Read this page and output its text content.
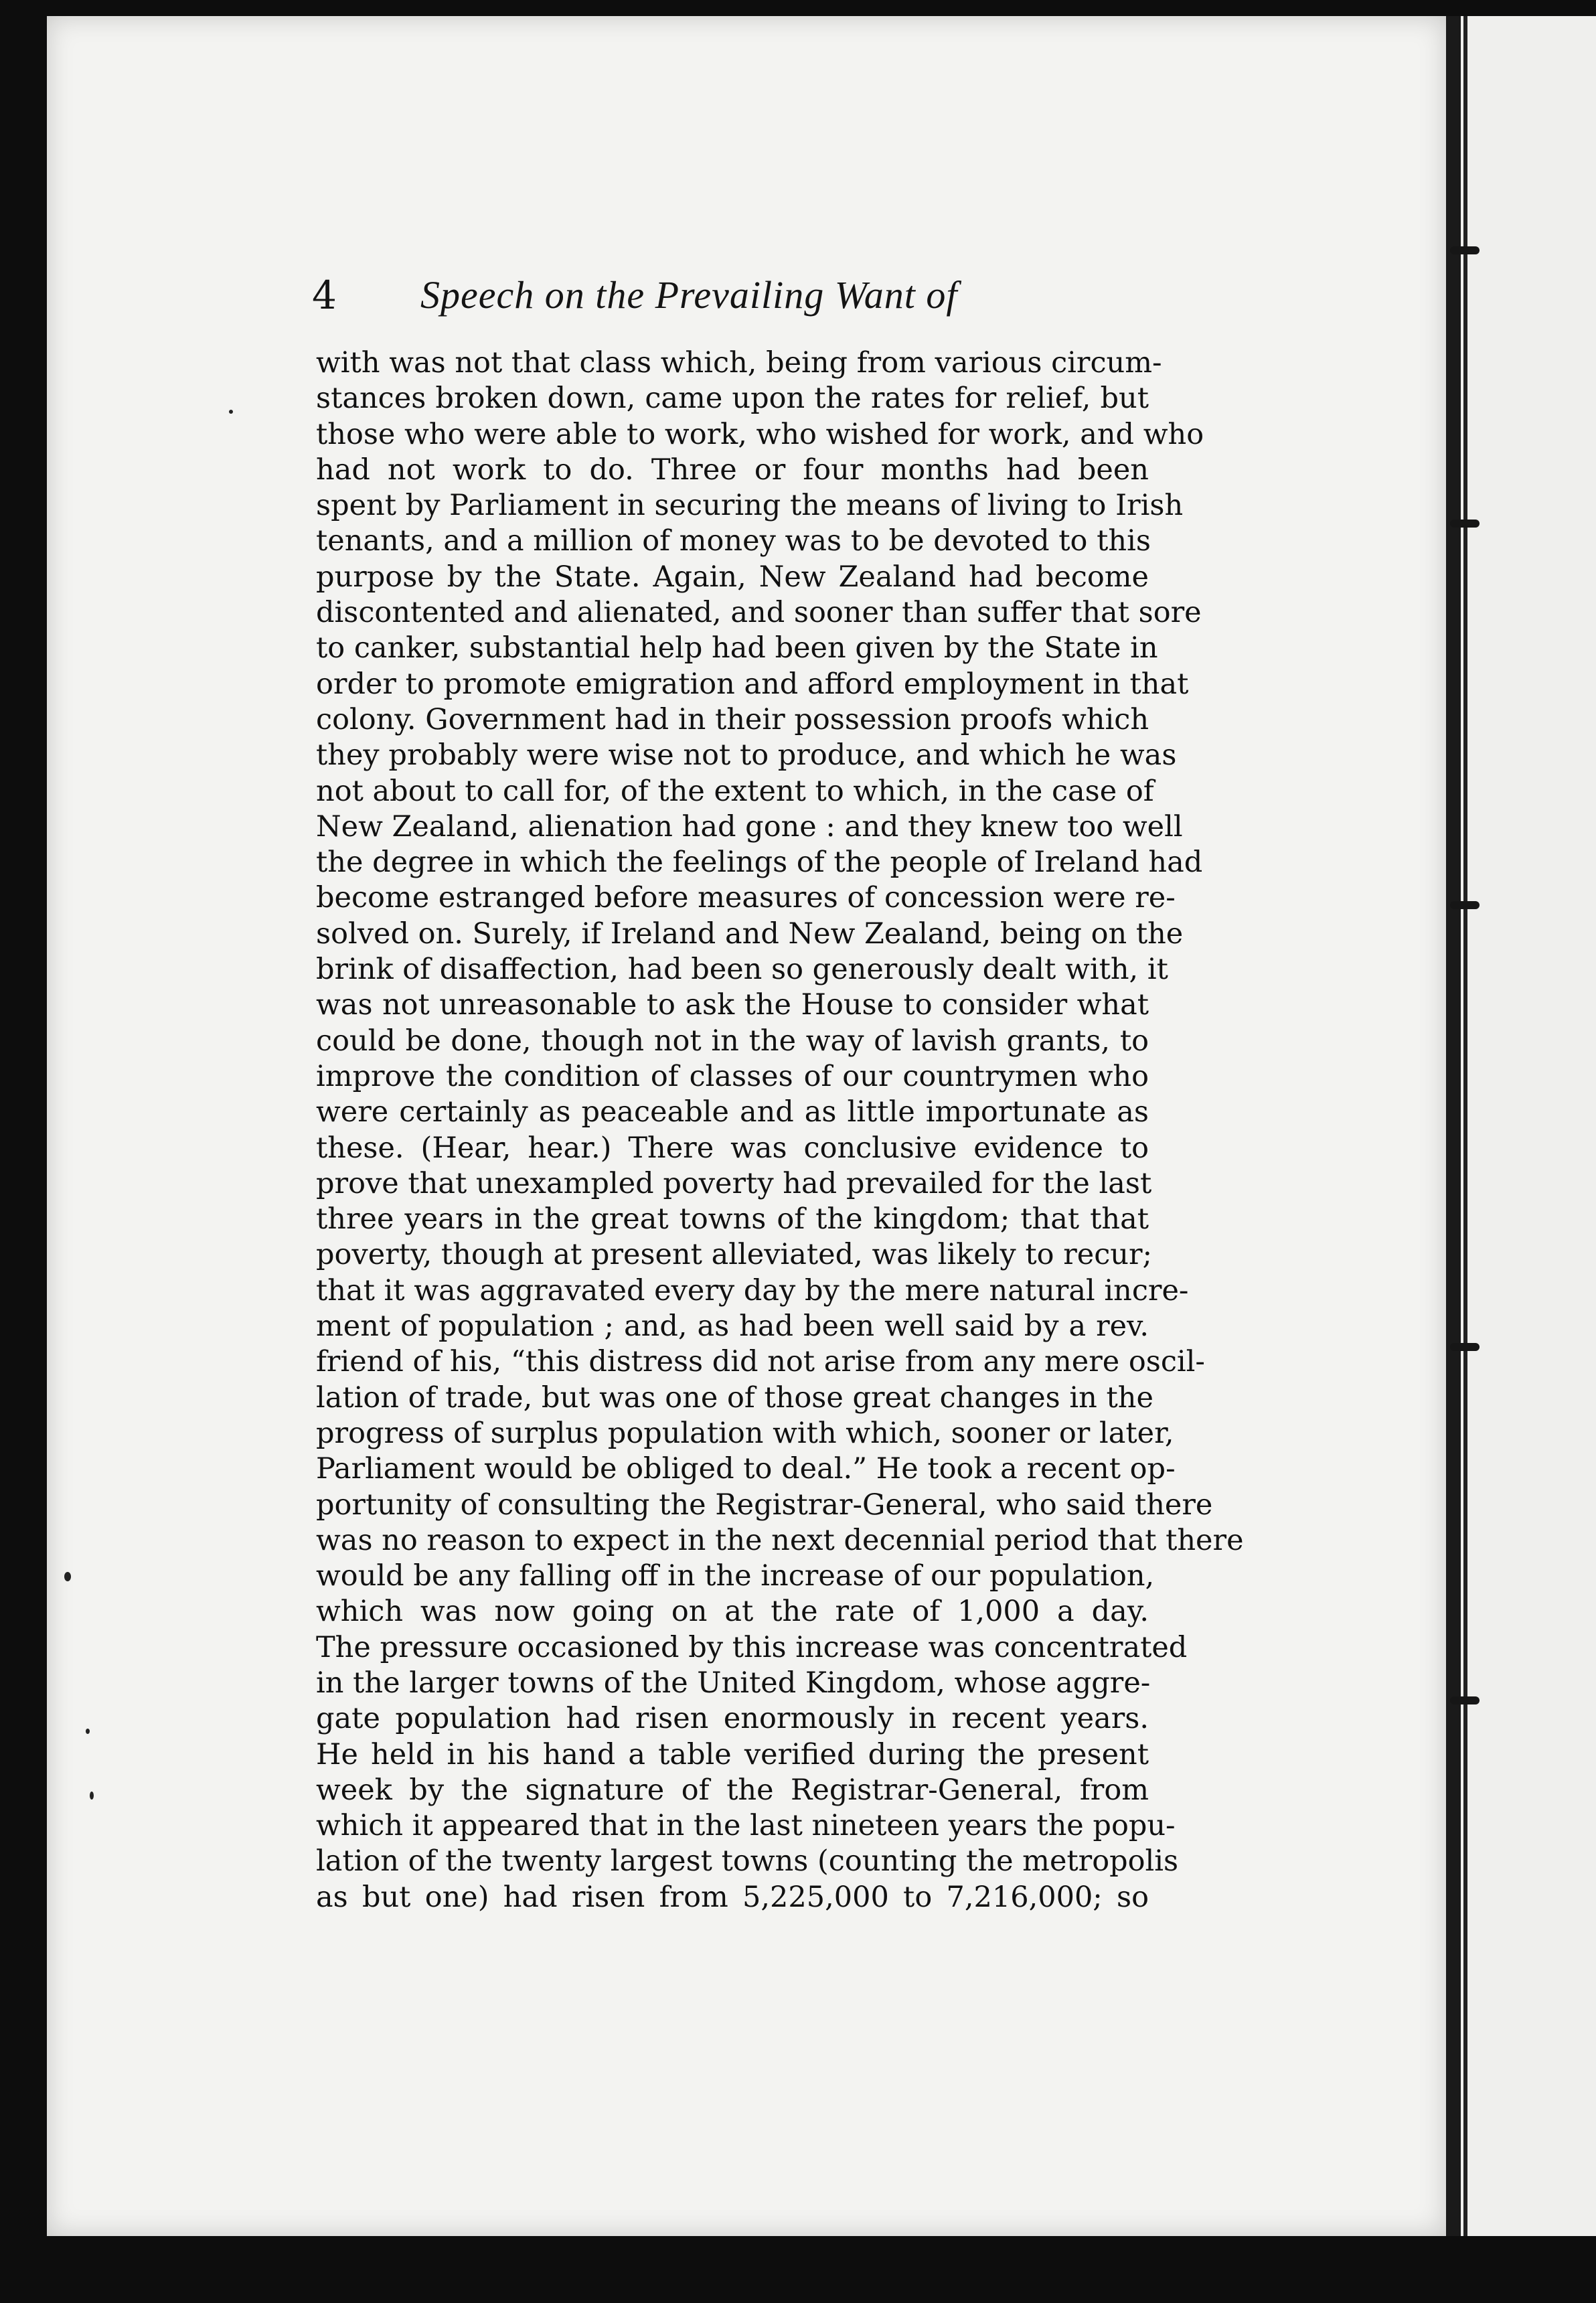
4 Speech on the Prevailing Want of
with was not that class which, being from various circum-
stances broken down, came upon the rates for relief, but
those who were able to work, who wished for work, and who
had not work to do. Three or four months had been
spent by Parliament in securing the means of living to Irish
tenants, and a million of money was to be devoted to this
purpose by the State. Again, New Zealand had become
discontented and alienated, and sooner than suffer that sore
to canker, substantial help had been given by the State in
order to promote emigration and afford employment in that
colony. Government had in their possession proofs which
they probably were wise not to produce, and which he was
not about to call for, of the extent to which, in the case of
New Zealand, alienation had gone : and they knew too well
the degree in which the feelings of the people of Ireland had
become estranged before measures of concession were re-
solved on. Surely, if Ireland and New Zealand, being on the
brink of disaffection, had been so generously dealt with, it
was not unreasonable to ask the House to consider what
could be done, though not in the way of lavish grants, to
improve the condition of classes of our countrymen who
were certainly as peaceable and as little importunate as
these. (Hear, hear.) There was conclusive evidence to
prove that unexampled poverty had prevailed for the last
three years in the great towns of the kingdom; that that
poverty, though at present alleviated, was likely to recur;
that it was aggravated every day by the mere natural incre-
ment of population ; and, as had been well said by a rev.
friend of his, “this distress did not arise from any mere oscil-
lation of trade, but was one of those great changes in the
progress of surplus population with which, sooner or later,
Parliament would be obliged to deal.” He took a recent op-
portunity of consulting the Registrar-General, who said there
was no reason to expect in the next decennial period that there
would be any falling off in the increase of our population,
which was now going on at the rate of 1,000 a day.
The pressure occasioned by this increase was concentrated
in the larger towns of the United Kingdom, whose aggre-
gate population had risen enormously in recent years.
He held in his hand a table verified during the present
week by the signature of the Registrar-General, from
which it appeared that in the last nineteen years the popu-
lation of the twenty largest towns (counting the metropolis
as but one) had risen from 5,225,000 to 7,216,000; so
